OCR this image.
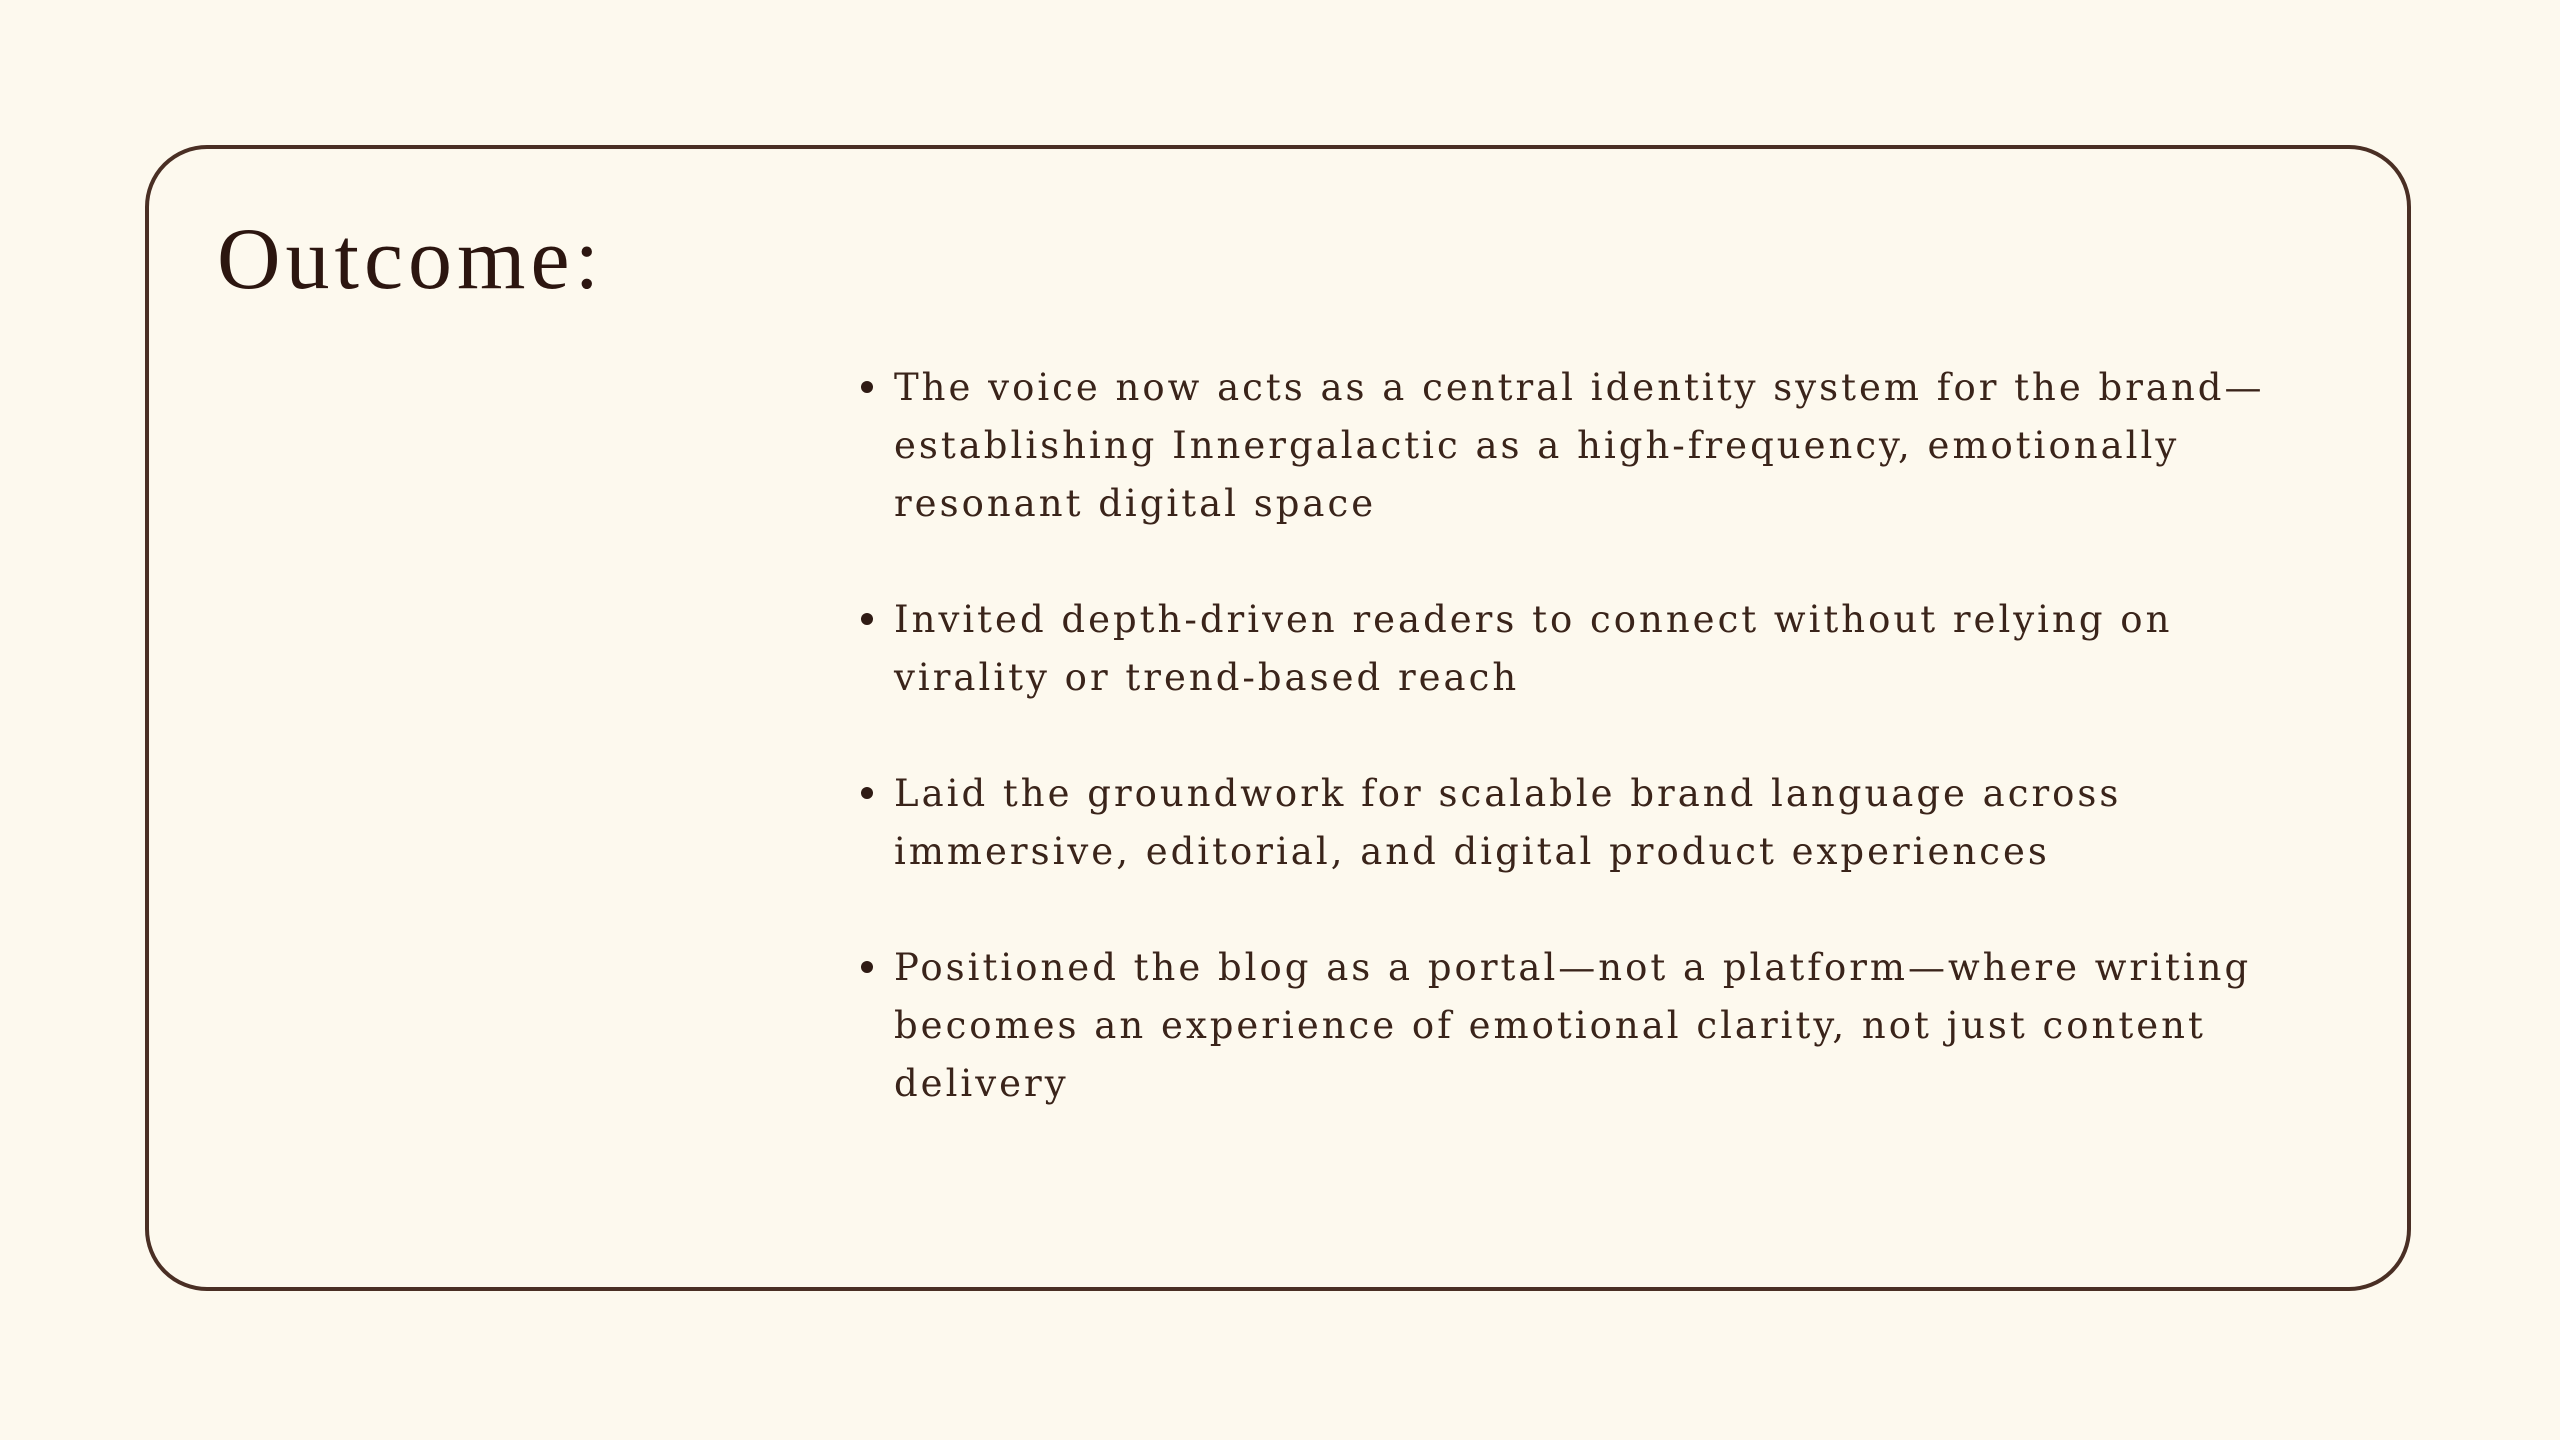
Outcome:
The voice now acts as a central identity system for the brand—establishing Innergalactic as a high-frequency, emotionally resonant digital space
Invited depth-driven readers to connect without relying on virality or trend-based reach
Laid the groundwork for scalable brand language across immersive, editorial, and digital product experiences
Positioned the blog as a portal—not a platform—where writing becomes an experience of emotional clarity, not just content delivery
